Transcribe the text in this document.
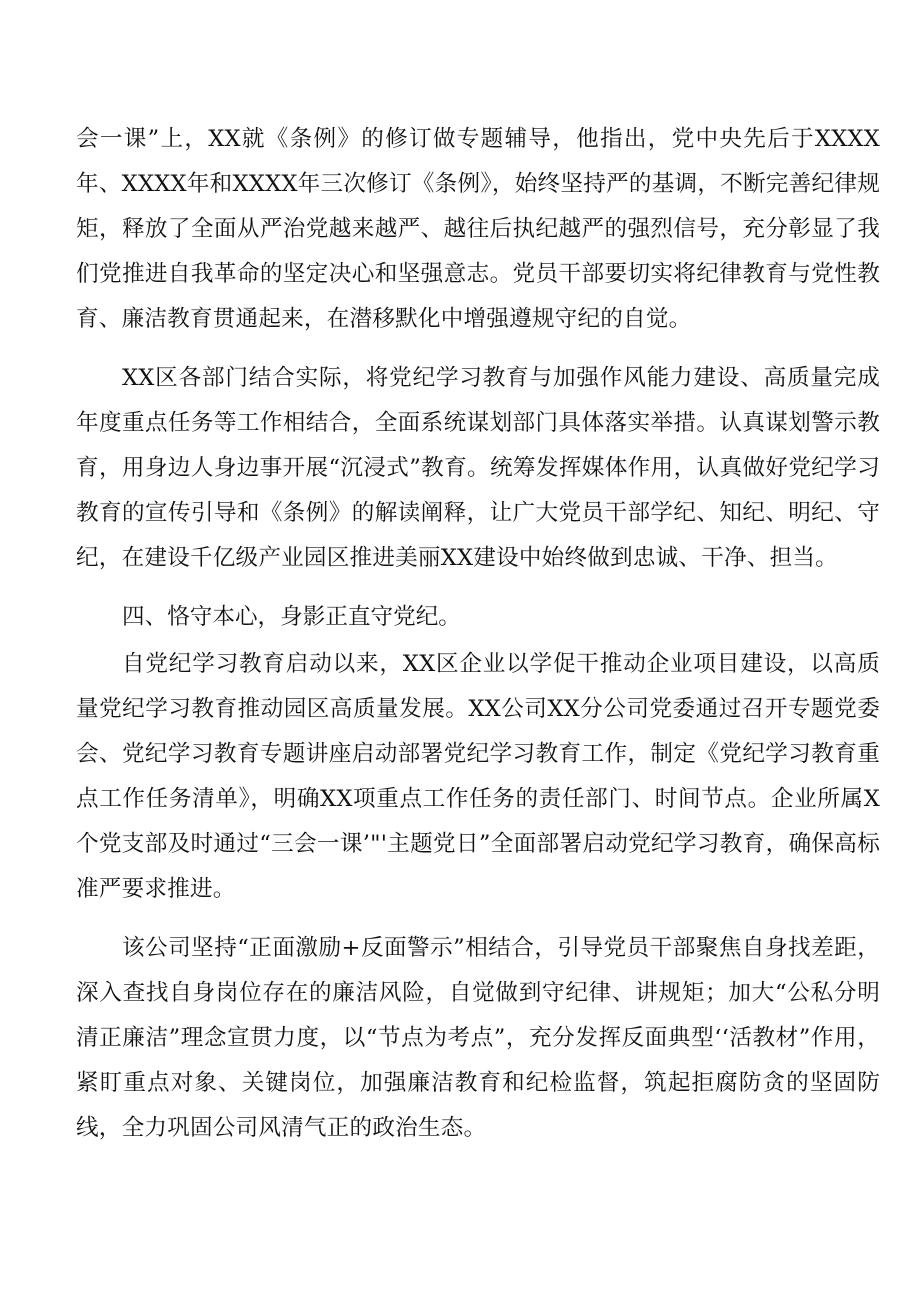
会一课”上，XX就《条例》的修订做专题辅导，他指出，党中央先后于XXXX年、XXXX年和XXXX年三次修订《条例》，始终坚持严的基调，不断完善纪律规矩，释放了全面从严治党越来越严、越往后执纪越严的强烈信号，充分彰显了我们党推进自我革命的坚定决心和坚强意志。党员干部要切实将纪律教育与党性教育、廉洁教育贯通起来，在潜移默化中增强遵规守纪的自觉。

XX区各部门结合实际，将党纪学习教育与加强作风能力建设、高质量完成年度重点任务等工作相结合，全面系统谋划部门具体落实举措。认真谋划警示教育，用身边人身边事开展“沉浸式”教育。统筹发挥媒体作用，认真做好党纪学习教育的宣传引导和《条例》的解读阐释，让广大党员干部学纪、知纪、明纪、守纪，在建设千亿级产业园区推进美丽XX建设中始终做到忠诚、干净、担当。

四、恪守本心，身影正直守党纪。

自党纪学习教育启动以来，XX区企业以学促干推动企业项目建设，以高质量党纪学习教育推动园区高质量发展。XX公司XX分公司党委通过召开专题党委会、党纪学习教育专题讲座启动部署党纪学习教育工作，制定《党纪学习教育重点工作任务清单》，明确XX项重点工作任务的责任部门、时间节点。企业所属X个党支部及时通过“三会一课’"'主题党日”全面部署启动党纪学习教育，确保高标准严要求推进。

该公司坚持“正面激励+反面警示”相结合，引导党员干部聚焦自身找差距，深入查找自身岗位存在的廉洁风险，自觉做到守纪律、讲规矩；加大“公私分明清正廉洁”理念宣贯力度，以“节点为考点”，充分发挥反面典型‘‘活教材”作用，紧盯重点对象、关键岗位，加强廉洁教育和纪检监督，筑起拒腐防贪的坚固防线，全力巩固公司风清气正的政治生态。
